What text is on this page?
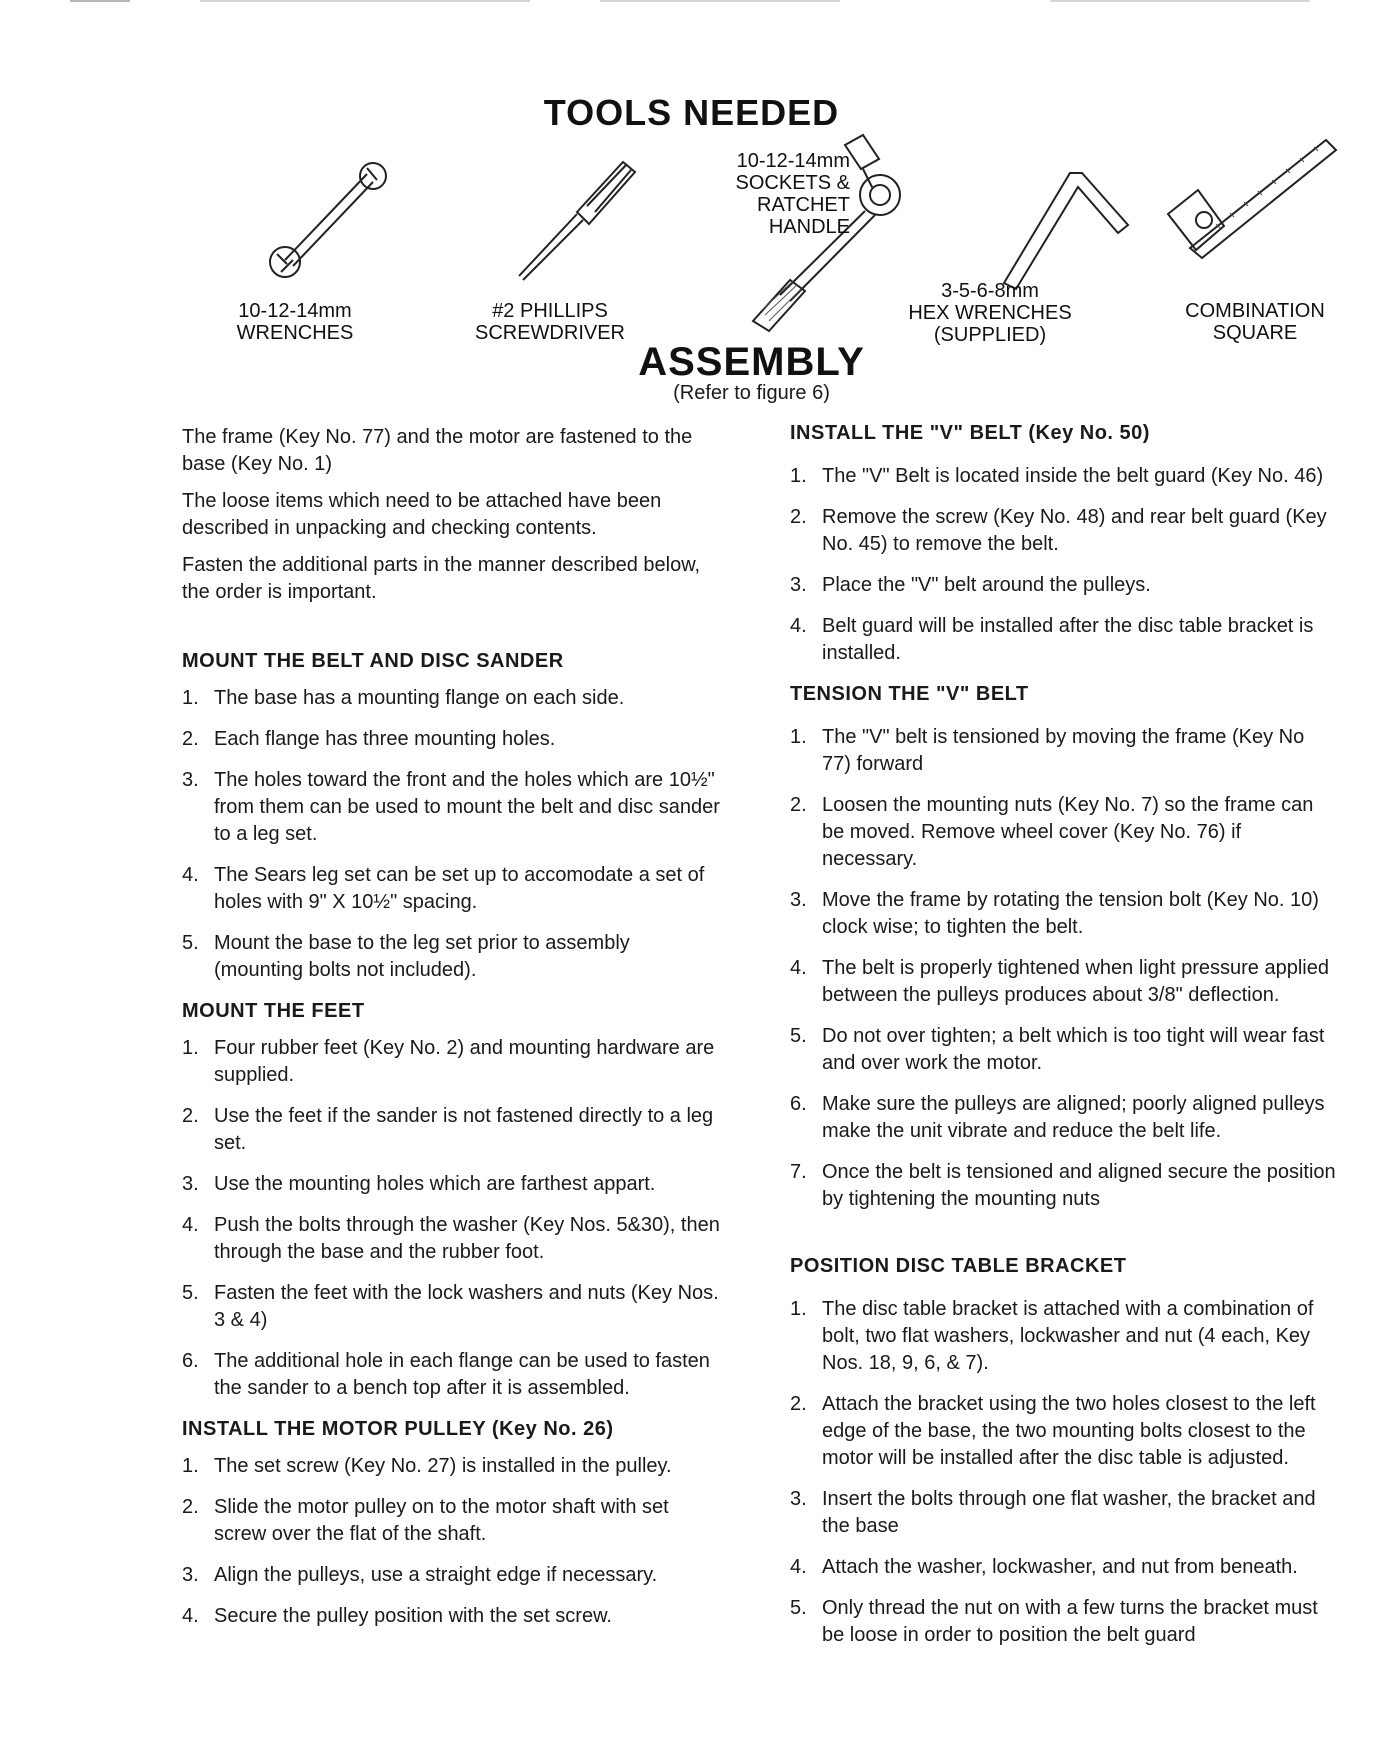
TOOLS NEEDED
10-12-14mm
WRENCHES
#2 PHILLIPS
SCREWDRIVER
10-12-14mm
SOCKETS &
RATCHET
HANDLE
3-5-6-8mm
HEX WRENCHES
(SUPPLIED)
COMBINATION
SQUARE
ASSEMBLY
(Refer to figure 6)

The frame (Key No. 77) and the motor are fastened to the base (Key No. 1)

The loose items which need to be attached have been described in unpacking and checking contents.

Fasten the additional parts in the manner described below, the order is important.

MOUNT THE BELT AND DISC SANDER
1. The base has a mounting flange on each side.
2. Each flange has three mounting holes.
3. The holes toward the front and the holes which are 10½" from them can be used to mount the belt and disc sander to a leg set.
4. The Sears leg set can be set up to accomodate a set of holes with 9" X 10½" spacing.
5. Mount the base to the leg set prior to assembly (mounting bolts not included).
MOUNT THE FEET
1. Four rubber feet (Key No. 2) and mounting hardware are supplied.
2. Use the feet if the sander is not fastened directly to a leg set.
3. Use the mounting holes which are farthest appart.
4. Push the bolts through the washer (Key Nos. 5&30), then through the base and the rubber foot.
5. Fasten the feet with the lock washers and nuts (Key Nos. 3 & 4)
6. The additional hole in each flange can be used to fasten the sander to a bench top after it is assembled.
INSTALL THE MOTOR PULLEY (Key No. 26)
1. The set screw (Key No. 27) is installed in the pulley.
2. Slide the motor pulley on to the motor shaft with set screw over the flat of the shaft.
3. Align the pulleys, use a straight edge if necessary.
4. Secure the pulley position with the set screw.
INSTALL THE "V" BELT (Key No. 50)
1. The "V" Belt is located inside the belt guard (Key No. 46)
2. Remove the screw (Key No. 48) and rear belt guard (Key No. 45) to remove the belt.
3. Place the "V" belt around the pulleys.
4. Belt guard will be installed after the disc table bracket is installed.
TENSION THE "V" BELT
1. The "V" belt is tensioned by moving the frame (Key No 77) forward
2. Loosen the mounting nuts (Key No. 7) so the frame can be moved. Remove wheel cover (Key No. 76) if necessary.
3. Move the frame by rotating the tension bolt (Key No. 10) clock wise; to tighten the belt.
4. The belt is properly tightened when light pressure applied between the pulleys produces about 3/8" deflection.
5. Do not over tighten; a belt which is too tight will wear fast and over work the motor.
6. Make sure the pulleys are aligned; poorly aligned pulleys make the unit vibrate and reduce the belt life.
7. Once the belt is tensioned and aligned secure the position by tightening the mounting nuts
POSITION DISC TABLE BRACKET
1. The disc table bracket is attached with a combination of bolt, two flat washers, lockwasher and nut (4 each, Key Nos. 18, 9, 6, & 7).
2. Attach the bracket using the two holes closest to the left edge of the base, the two mounting bolts closest to the motor will be installed after the disc table is adjusted.
3. Insert the bolts through one flat washer, the bracket and the base
4. Attach the washer, lockwasher, and nut from beneath.
5. Only thread the nut on with a few turns the bracket must be loose in order to position the belt guard
